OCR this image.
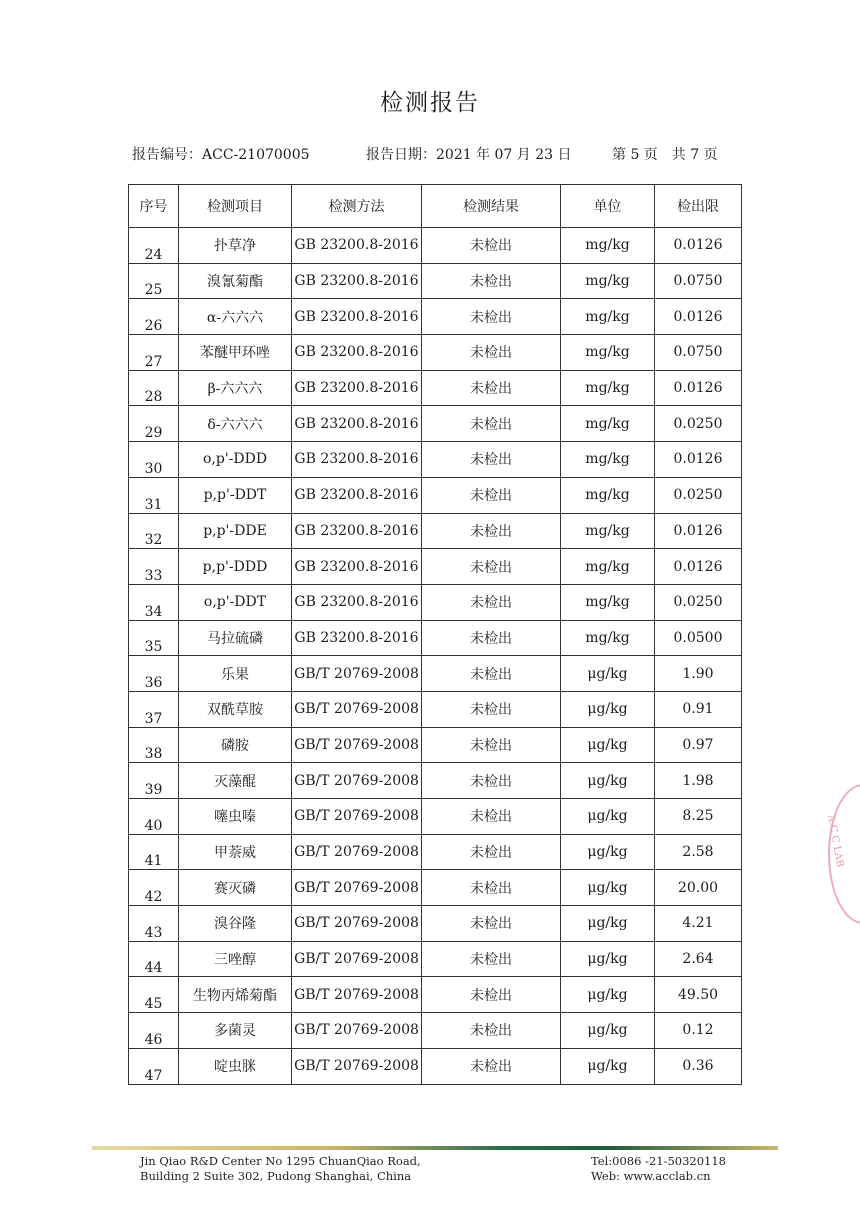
检测报告
报告编号：ACC-21070005	报告日期：2021 年 07 月 23 日	第 5 页　共 7 页
序号	检测项目	检测方法	检测结果	单位	检出限
24	扑草净	GB 23200.8-2016	未检出	mg/kg	0.0126
25	溴氰菊酯	GB 23200.8-2016	未检出	mg/kg	0.0750
26	α-六六六	GB 23200.8-2016	未检出	mg/kg	0.0126
27	苯醚甲环唑	GB 23200.8-2016	未检出	mg/kg	0.0750
28	β-六六六	GB 23200.8-2016	未检出	mg/kg	0.0126
29	δ-六六六	GB 23200.8-2016	未检出	mg/kg	0.0250
30	o,p'-DDD	GB 23200.8-2016	未检出	mg/kg	0.0126
31	p,p'-DDT	GB 23200.8-2016	未检出	mg/kg	0.0250
32	p,p'-DDE	GB 23200.8-2016	未检出	mg/kg	0.0126
33	p,p'-DDD	GB 23200.8-2016	未检出	mg/kg	0.0126
34	o,p'-DDT	GB 23200.8-2016	未检出	mg/kg	0.0250
35	马拉硫磷	GB 23200.8-2016	未检出	mg/kg	0.0500
36	乐果	GB/T 20769-2008	未检出	μg/kg	1.90
37	双酰草胺	GB/T 20769-2008	未检出	μg/kg	0.91
38	磷胺	GB/T 20769-2008	未检出	μg/kg	0.97
39	灭藻醌	GB/T 20769-2008	未检出	μg/kg	1.98
40	噻虫嗪	GB/T 20769-2008	未检出	μg/kg	8.25
41	甲萘威	GB/T 20769-2008	未检出	μg/kg	2.58
42	赛灭磷	GB/T 20769-2008	未检出	μg/kg	20.00
43	溴谷隆	GB/T 20769-2008	未检出	μg/kg	4.21
44	三唑醇	GB/T 20769-2008	未检出	μg/kg	2.64
45	生物丙烯菊酯	GB/T 20769-2008	未检出	μg/kg	49.50
46	多菌灵	GB/T 20769-2008	未检出	μg/kg	0.12
47	啶虫脒	GB/T 20769-2008	未检出	μg/kg	0.36
A.C.C LAB
Jin Qiao R&D Center No 1295 ChuanQiao Road,
Building 2 Suite 302, Pudong Shanghai, China
Tel:0086 -21-50320118
Web: www.acclab.cn
